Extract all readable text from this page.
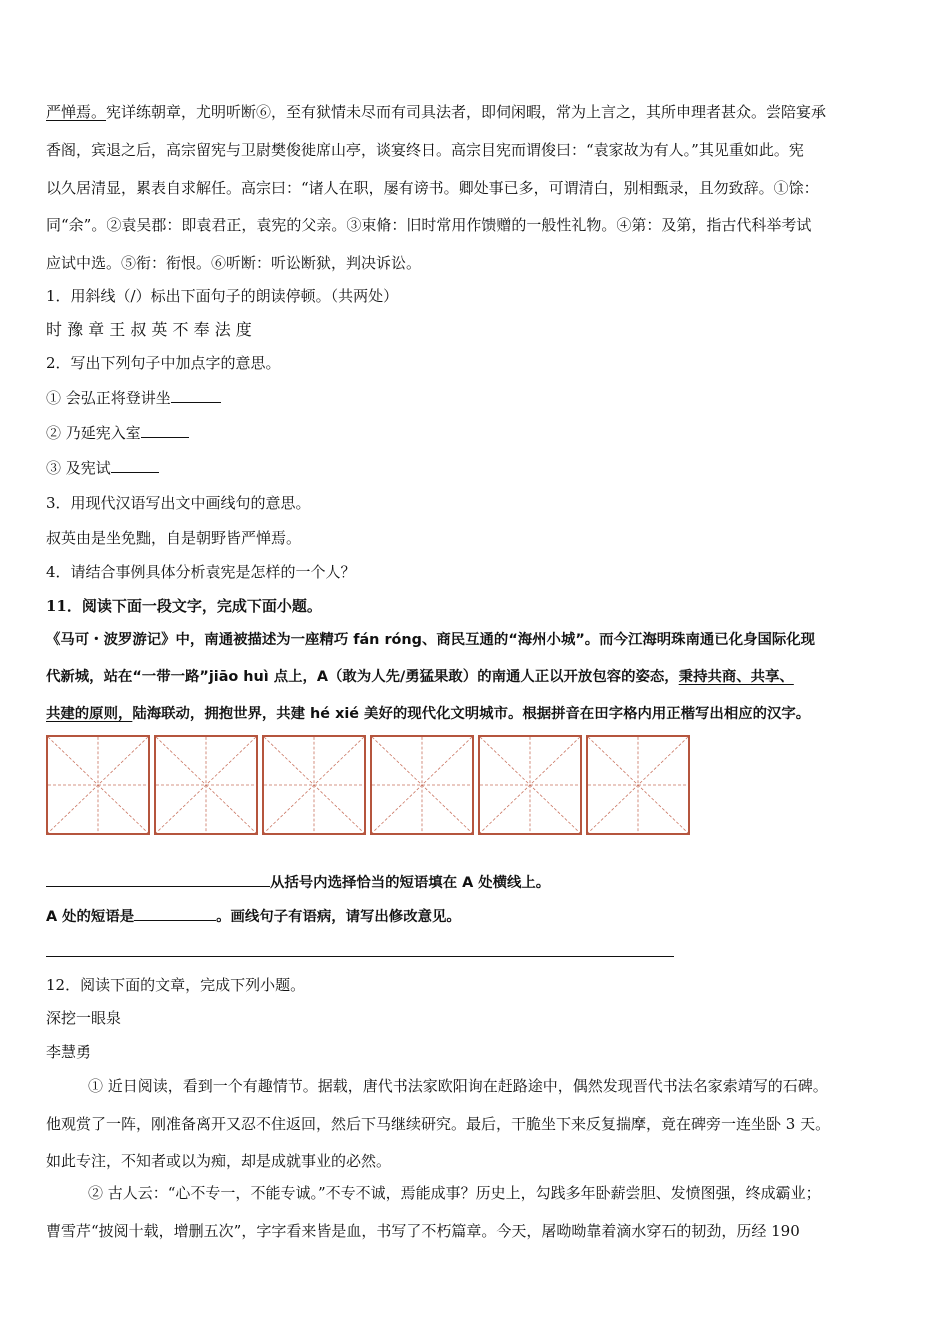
严惮焉。宪详练朝章，尤明听断⑥，至有狱情未尽而有司具法者，即伺闲暇，常为上言之，其所申理者甚众。尝陪宴承
香阁，宾退之后，高宗留宪与卫尉樊俊徙席山亭，谈宴终日。高宗目宪而谓俊曰：“袁家故为有人。”其见重如此。宪
以久居清显，累表自求解任。高宗曰：“诸人在职，屡有谤书。卿处事已多，可谓清白，别相甄录，且勿致辞。①馀：
同“余”。②袁吴郡：即袁君正，袁宪的父亲。③束脩：旧时常用作馈赠的一般性礼物。④第：及第，指古代科举考试
应试中选。⑤衔：衔恨。⑥听断：听讼断狱，判决诉讼。
1．用斜线（/）标出下面句子的朗读停顿。（共两处）
时 豫 章 王 叔 英 不 奉 法 度
2．写出下列句子中加点字的意思。
① 会弘正将登讲坐
② 乃延宪入室
③ 及宪试
3．用现代汉语写出文中画线句的意思。
叔英由是坐免黜，自是朝野皆严惮焉。
4．请结合事例具体分析袁宪是怎样的一个人？
11．阅读下面一段文字，完成下面小题。
《马可・波罗游记》中，南通被描述为一座精巧 fán róng、商民互通的“海州小城”。而今江海明珠南通已化身国际化现
代新城，站在“一带一路”jiāo huì 点上，A（敢为人先/勇猛果敢）的南通人正以开放包容的姿态，秉持共商、共享、
共建的原则，陆海联动，拥抱世界，共建 hé xié 美好的现代化文明城市。根据拼音在田字格内用正楷写出相应的汉字。
从括号内选择恰当的短语填在 A 处横线上。
A 处的短语是	。画线句子有语病，请写出修改意见。
12．阅读下面的文章，完成下列小题。
深挖一眼泉
李慧勇
① 近日阅读，看到一个有趣情节。据载，唐代书法家欧阳询在赶路途中，偶然发现晋代书法名家索靖写的石碑。
他观赏了一阵，刚准备离开又忍不住返回，然后下马继续研究。最后，干脆坐下来反复揣摩，竟在碑旁一连坐卧 3 天。
如此专注，不知者或以为痴，却是成就事业的必然。
② 古人云：“心不专一，不能专诚。”不专不诚，焉能成事？历史上，勾践多年卧薪尝胆、发愤图强，终成霸业；
曹雪芹“披阅十载，增删五次”，字字看来皆是血，书写了不朽篇章。今天，屠呦呦靠着滴水穿石的韧劲，历经 190
